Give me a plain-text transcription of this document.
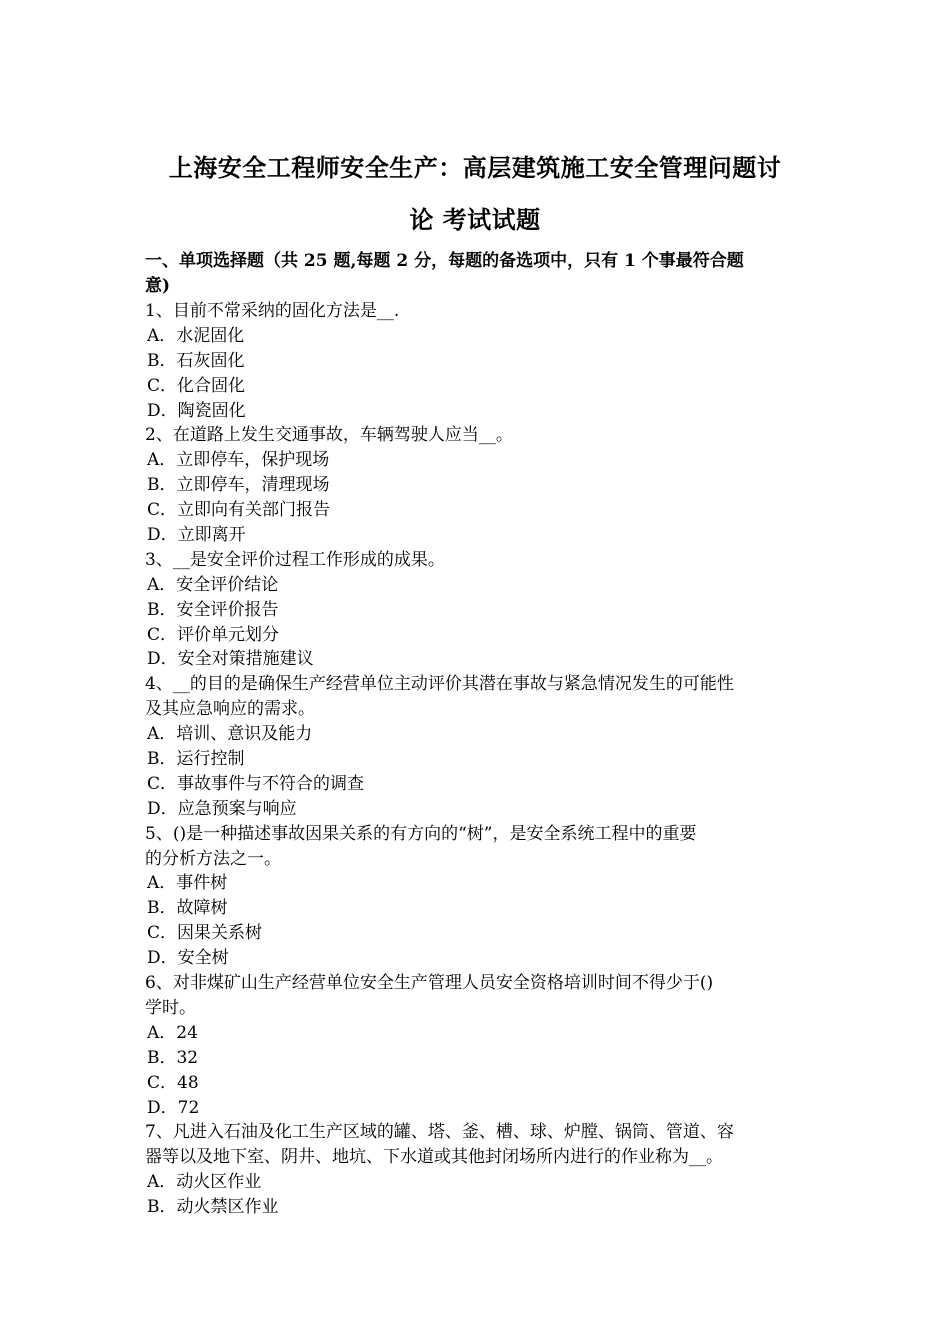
上海安全工程师安全生产：高层建筑施工安全管理问题讨
论 考试试题
一、单项选择题（共 25 题,每题 2 分，每题的备选项中，只有 1 个事最符合题
意)
1、目前不常采纳的固化方法是__.
A．水泥固化
B．石灰固化
C．化合固化
D．陶瓷固化
2、在道路上发生交通事故，车辆驾驶人应当__。
A．立即停车，保护现场
B．立即停车，清理现场
C．立即向有关部门报告
D．立即离开
3、__是安全评价过程工作形成的成果。
A．安全评价结论
B．安全评价报告
C．评价单元划分
D．安全对策措施建议
4、__的目的是确保生产经营单位主动评价其潜在事故与紧急情况发生的可能性
及其应急响应的需求。
A．培训、意识及能力
B．运行控制
C．事故事件与不符合的调查
D．应急预案与响应
5、()是一种描述事故因果关系的有方向的“树”，是安全系统工程中的重要
的分析方法之一。
A．事件树
B．故障树
C．因果关系树
D．安全树
6、对非煤矿山生产经营单位安全生产管理人员安全资格培训时间不得少于()
学时。
A．24
B．32
C．48
D．72
7、凡进入石油及化工生产区域的罐、塔、釜、槽、球、炉膛、锅筒、管道、容
器等以及地下室、阴井、地坑、下水道或其他封闭场所内进行的作业称为__。
A．动火区作业
B．动火禁区作业
